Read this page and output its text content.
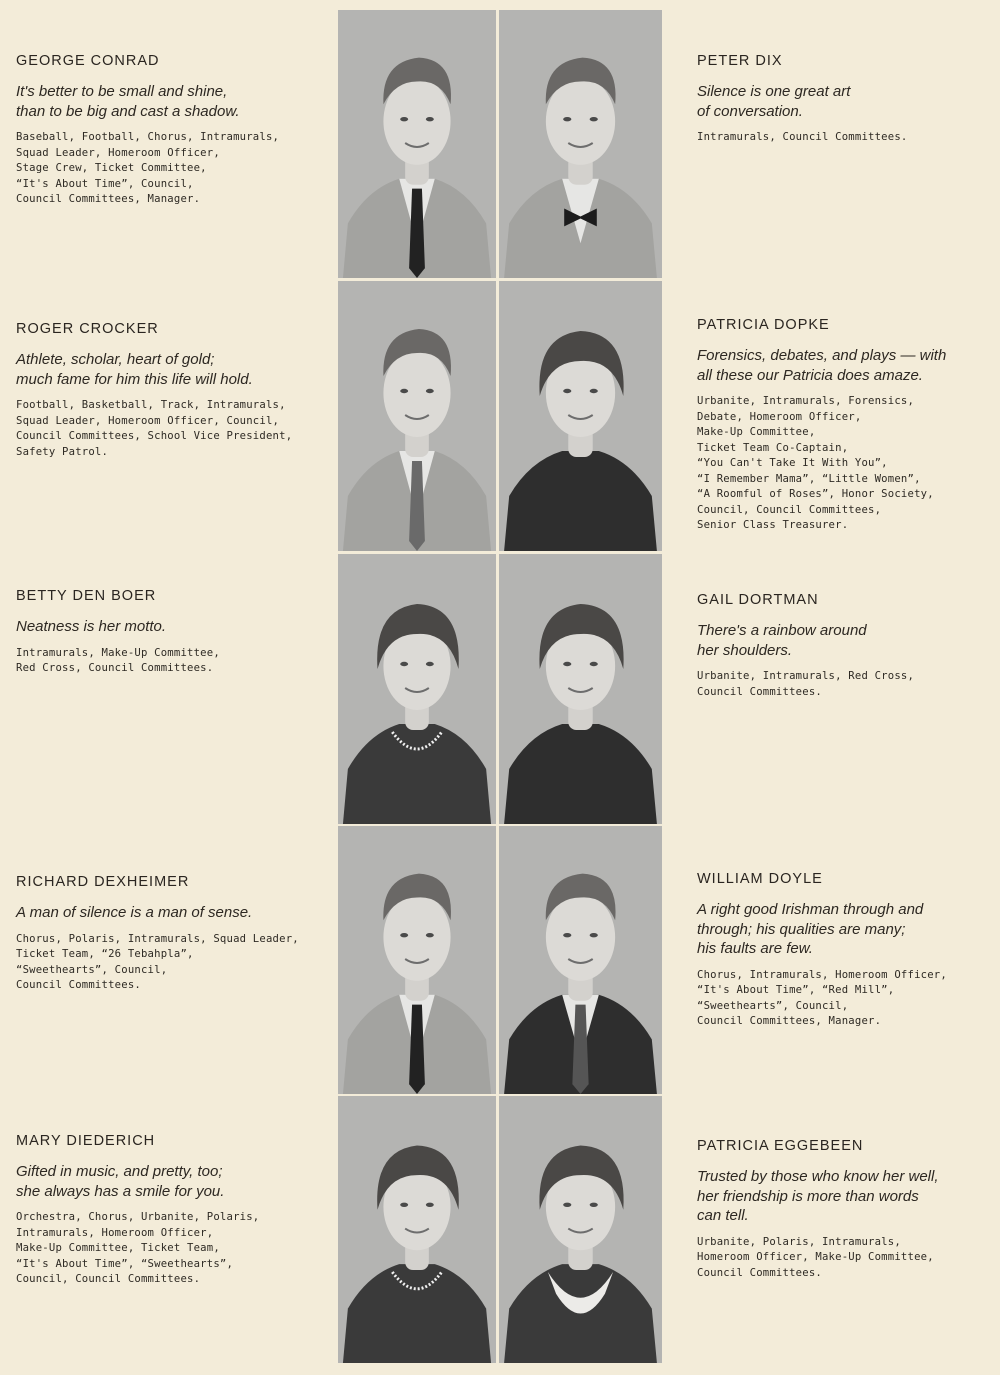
GEORGE CONRAD
It's better to be small and shine,
than to be big and cast a shadow.
Baseball, Football, Chorus, Intramurals,
Squad Leader, Homeroom Officer,
Stage Crew, Ticket Committee,
“It's About Time”, Council,
Council Committees, Manager.
PETER DIX
Silence is one great art
of conversation.
Intramurals, Council Committees.
ROGER CROCKER
Athlete, scholar, heart of gold;
much fame for him this life will hold.
Football, Basketball, Track, Intramurals,
Squad Leader, Homeroom Officer, Council,
Council Committees, School Vice President,
Safety Patrol.
PATRICIA DOPKE
Forensics, debates, and plays — with
all these our Patricia does amaze.
Urbanite, Intramurals, Forensics,
Debate, Homeroom Officer,
Make-Up Committee,
Ticket Team Co-Captain,
“You Can't Take It With You”,
“I Remember Mama”, “Little Women”,
“A Roomful of Roses”, Honor Society,
Council, Council Committees,
Senior Class Treasurer.
BETTY DEN BOER
Neatness is her motto.
Intramurals, Make-Up Committee,
Red Cross, Council Committees.
GAIL DORTMAN
There's a rainbow around
her shoulders.
Urbanite, Intramurals, Red Cross,
Council Committees.
RICHARD DEXHEIMER
A man of silence is a man of sense.
Chorus, Polaris, Intramurals, Squad Leader,
Ticket Team, “26 Tebahpla”,
“Sweethearts”, Council,
Council Committees.
WILLIAM DOYLE
A right good Irishman through and
through; his qualities are many;
his faults are few.
Chorus, Intramurals, Homeroom Officer,
“It's About Time”, “Red Mill”,
“Sweethearts”, Council,
Council Committees, Manager.
MARY DIEDERICH
Gifted in music, and pretty, too;
she always has a smile for you.
Orchestra, Chorus, Urbanite, Polaris,
Intramurals, Homeroom Officer,
Make-Up Committee, Ticket Team,
“It's About Time”, “Sweethearts”,
Council, Council Committees.
PATRICIA EGGEBEEN
Trusted by those who know her well,
her friendship is more than words
can tell.
Urbanite, Polaris, Intramurals,
Homeroom Officer, Make-Up Committee,
Council Committees.
